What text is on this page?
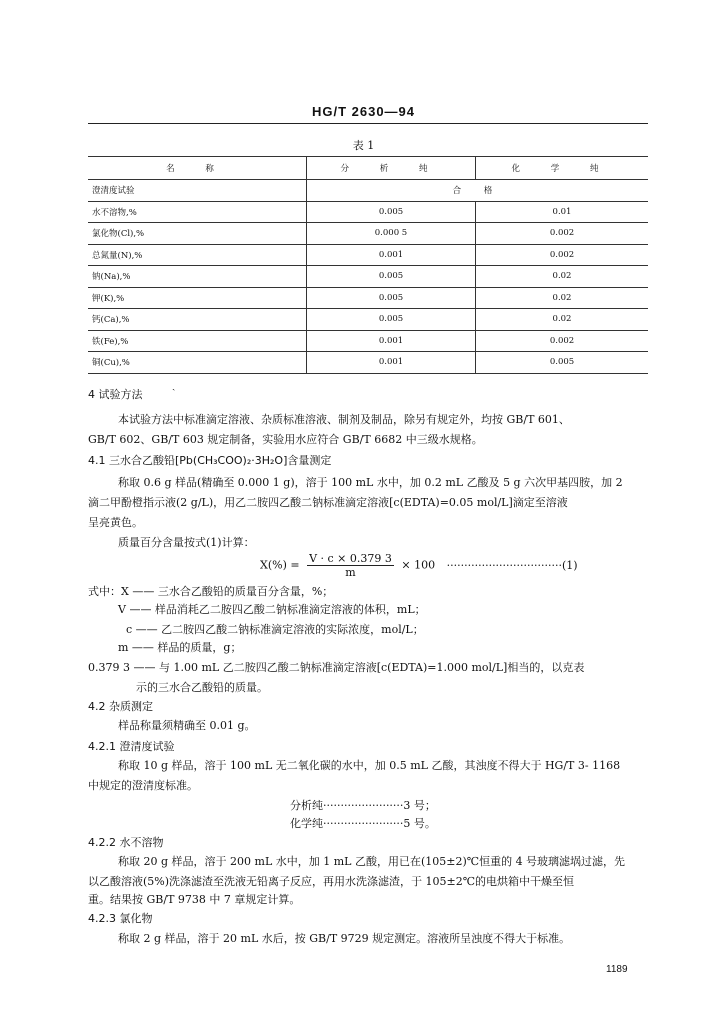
HG/T 2630—94
表 1
名 称	分 析 纯	化 学 纯
澄清度试验	合 格	
水不溶物,%	0.005	0.01
氯化物(Cl),%	0.000 5	0.002
总氮量(N),%	0.001	0.002
钠(Na),%	0.005	0.02
钾(K),%	0.005	0.02
钙(Ca),%	0.005	0.02
铁(Fe),%	0.001	0.002
铜(Cu),%	0.001	0.005
ˏ
4 试验方法
本试验方法中标准滴定溶液、杂质标准溶液、制剂及制品，除另有规定外，均按 GB/T 601、
GB/T 602、GB/T 603 规定制备，实验用水应符合 GB/T 6682 中三级水规格。
4.1 三水合乙酸铅[Pb(CH₃COO)₂·3H₂O]含量测定
称取 0.6 g 样品(精确至 0.000 1 g)，溶于 100 mL 水中，加 0.2 mL 乙酸及 5 g 六次甲基四胺，加 2
滴二甲酚橙指示液(2 g/L)，用乙二胺四乙酸二钠标准滴定溶液[c(EDTA)=0.05 mol/L]滴定至溶液
呈亮黄色。
质量百分含量按式(1)计算：
$X(\%) = \frac{V \cdot c \times 0.379 3}{m} \times 100 \cdot\cdot\cdot\cdot\cdot\cdot\cdot\cdot\cdot\cdot\cdot\cdot\cdot\cdot\cdot\cdot\cdot\cdot\cdot\cdot\cdot\cdot\cdot\cdot\cdot\cdot\cdot\cdot\cdot\cdot\cdot\cdot\cdot(1)$
式中：X —— 三水合乙酸铅的质量百分含量，%；
V —— 样品消耗乙二胺四乙酸二钠标准滴定溶液的体积，mL；
c —— 乙二胺四乙酸二钠标准滴定溶液的实际浓度，mol/L；
m —— 样品的质量，g；
0.379 3 —— 与 1.00 mL 乙二胺四乙酸二钠标准滴定溶液[c(EDTA)=1.000 mol/L]相当的，以克表
示的三水合乙酸铅的质量。
4.2 杂质测定
样品称量须精确至 0.01 g。
4.2.1 澄清度试验
称取 10 g 样品，溶于 100 mL 无二氧化碳的水中，加 0.5 mL 乙酸，其浊度不得大于 HG/T 3- 1168
中规定的澄清度标准。
分析纯·······················3 号；
化学纯·······················5 号。
4.2.2 水不溶物
称取 20 g 样品，溶于 200 mL 水中，加 1 mL 乙酸，用已在(105±2)℃恒重的 4 号玻璃滤埚过滤，先
以乙酸溶液(5%)洗涤滤渣至洗液无铅离子反应，再用水洗涤滤渣，于 105±2℃的电烘箱中干燥至恒
重。结果按 GB/T 9738 中 7 章规定计算。
4.2.3 氯化物
称取 2 g 样品，溶于 20 mL 水后，按 GB/T 9729 规定测定。溶液所呈浊度不得大于标准。
1189
